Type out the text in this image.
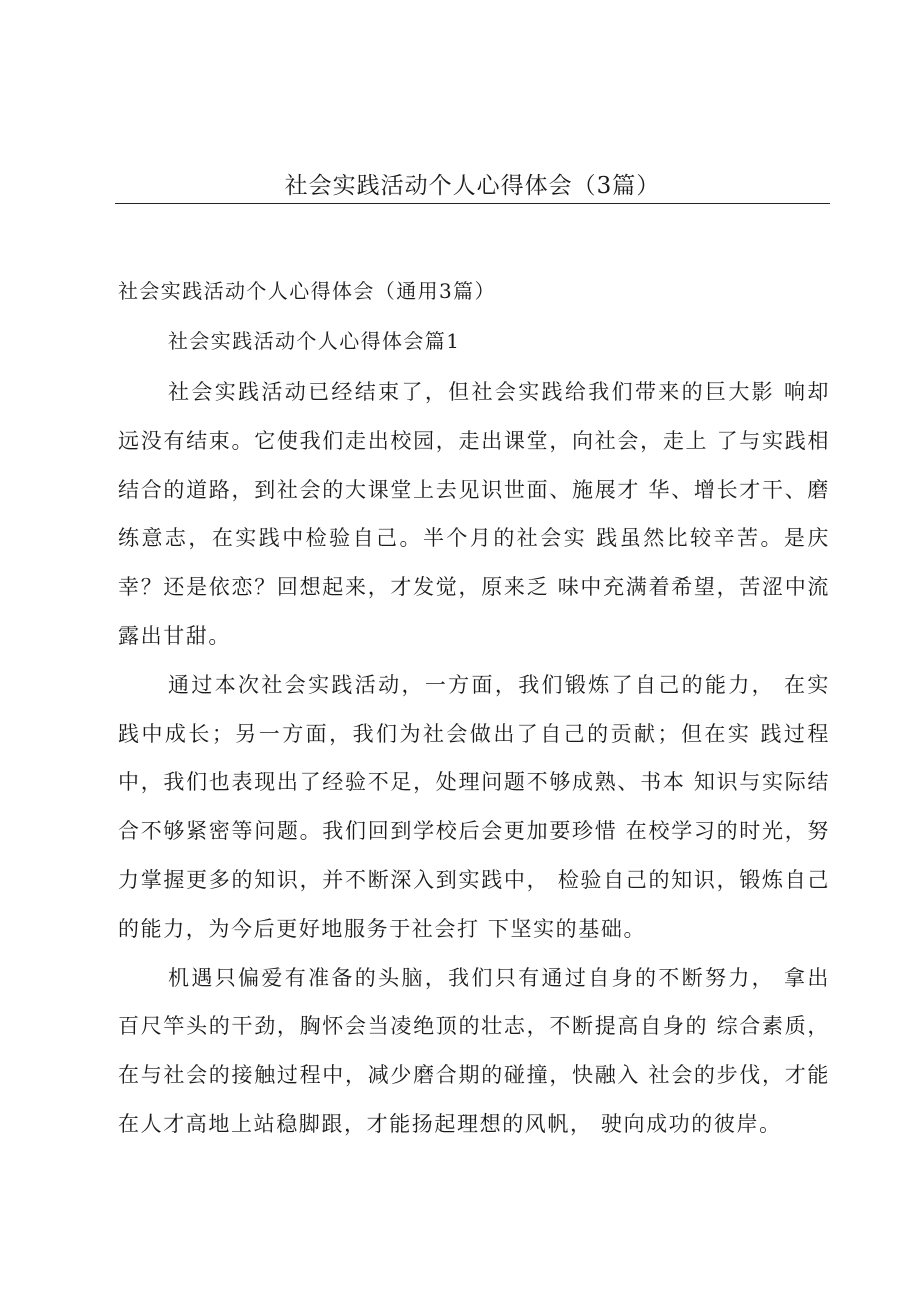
社会实践活动个人心得体会（3篇）

社会实践活动个人心得体会（通用3篇）

社会实践活动个人心得体会篇1

社会实践活动已经结束了，但社会实践给我们带来的巨大影 响却远没有结束。它使我们走出校园，走出课堂，向社会，走上 了与实践相结合的道路，到社会的大课堂上去见识世面、施展才 华、增长才干、磨练意志，在实践中检验自己。半个月的社会实 践虽然比较辛苦。是庆幸？还是依恋？回想起来，才发觉，原来乏 味中充满着希望，苦涩中流露出甘甜。

通过本次社会实践活动，一方面，我们锻炼了自己的能力， 在实践中成长；另一方面，我们为社会做出了自己的贡献；但在实 践过程中，我们也表现出了经验不足，处理问题不够成熟、书本 知识与实际结合不够紧密等问题。我们回到学校后会更加要珍惜 在校学习的时光，努力掌握更多的知识，并不断深入到实践中， 检验自己的知识，锻炼自己的能力，为今后更好地服务于社会打 下坚实的基础。

机遇只偏爱有准备的头脑，我们只有通过自身的不断努力， 拿出百尺竿头的干劲，胸怀会当凌绝顶的壮志，不断提高自身的 综合素质，在与社会的接触过程中，减少磨合期的碰撞，快融入 社会的步伐，才能在人才高地上站稳脚跟，才能扬起理想的风帆， 驶向成功的彼岸。
